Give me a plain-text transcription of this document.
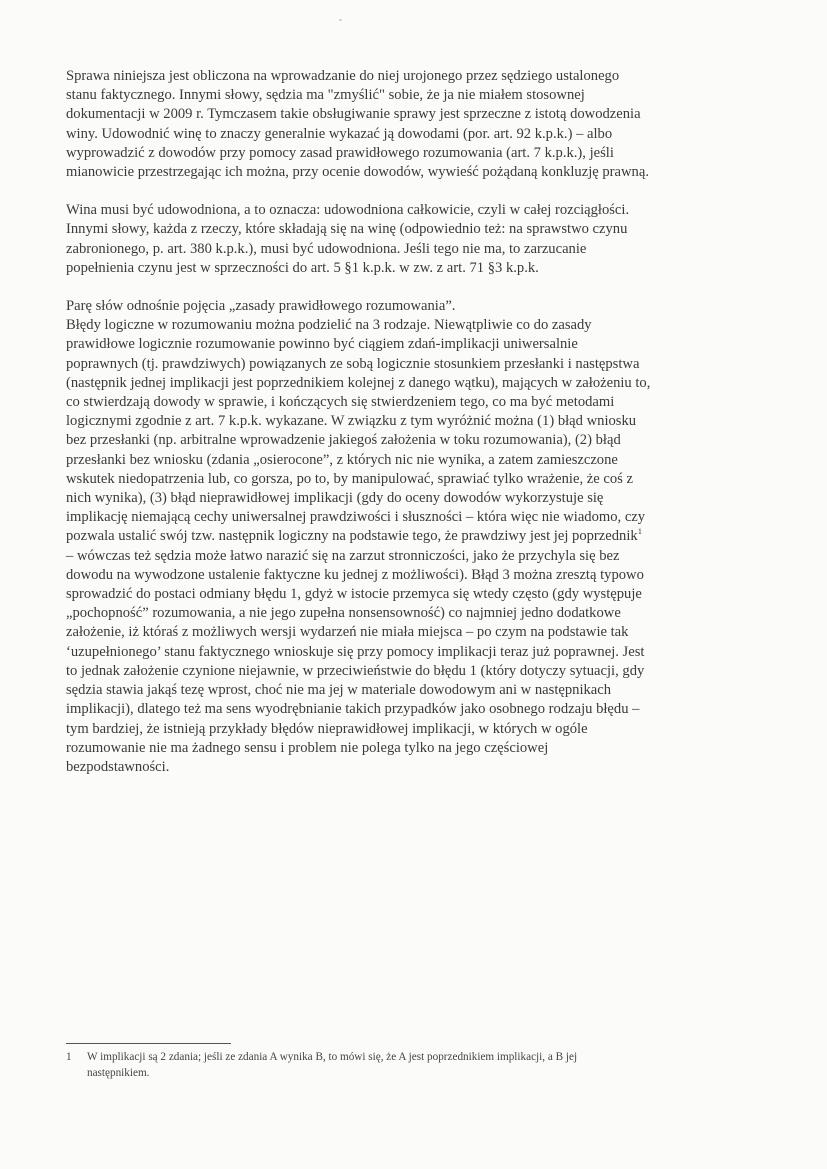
Sprawa niniejsza jest obliczona na wprowadzanie do niej urojonego przez sędziego ustalonego
stanu faktycznego. Innymi słowy, sędzia ma "zmyślić" sobie, że ja nie miałem stosownej
dokumentacji w 2009 r. Tymczasem takie obsługiwanie sprawy jest sprzeczne z istotą dowodzenia
winy. Udowodnić winę to znaczy generalnie wykazać ją dowodami (por. art. 92 k.p.k.) – albo
wyprowadzić z dowodów przy pomocy zasad prawidłowego rozumowania (art. 7 k.p.k.), jeśli
mianowicie przestrzegając ich można, przy ocenie dowodów, wywieść pożądaną konkluzję prawną.

Wina musi być udowodniona, a to oznacza: udowodniona całkowicie, czyli w całej rozciągłości.
Innymi słowy, każda z rzeczy, które składają się na winę (odpowiednio też: na sprawstwo czynu
zabronionego, p. art. 380 k.p.k.), musi być udowodniona. Jeśli tego nie ma, to zarzucanie
popełnienia czynu jest w sprzeczności do art. 5 §1 k.p.k. w zw. z art. 71 §3 k.p.k.

Parę słów odnośnie pojęcia „zasady prawidłowego rozumowania”.
Błędy logiczne w rozumowaniu można podzielić na 3 rodzaje. Niewątpliwie co do zasady
prawidłowe logicznie rozumowanie powinno być ciągiem zdań-implikacji uniwersalnie
poprawnych (tj. prawdziwych) powiązanych ze sobą logicznie stosunkiem przesłanki i następstwa
(następnik jednej implikacji jest poprzednikiem kolejnej z danego wątku), mających w założeniu to,
co stwierdzają dowody w sprawie, i kończących się stwierdzeniem tego, co ma być metodami
logicznymi zgodnie z art. 7 k.p.k. wykazane. W związku z tym wyróżnić można (1) błąd wniosku
bez przesłanki (np. arbitralne wprowadzenie jakiegoś założenia w toku rozumowania), (2) błąd
przesłanki bez wniosku (zdania „osierocone”, z których nic nie wynika, a zatem zamieszczone
wskutek niedopatrzenia lub, co gorsza, po to, by manipulować, sprawiać tylko wrażenie, że coś z
nich wynika), (3) błąd nieprawidłowej implikacji (gdy do oceny dowodów wykorzystuje się
implikację niemającą cechy uniwersalnej prawdziwości i słuszności – która więc nie wiadomo, czy
pozwala ustalić swój tzw. następnik logiczny na podstawie tego, że prawdziwy jest jej poprzednik$^1$
– wówczas też sędzia może łatwo narazić się na zarzut stronniczości, jako że przychyla się bez
dowodu na wywodzone ustalenie faktyczne ku jednej z możliwości). Błąd 3 można zresztą typowo
sprowadzić do postaci odmiany błędu 1, gdyż w istocie przemyca się wtedy często (gdy występuje
„pochopność” rozumowania, a nie jego zupełna nonsensowność) co najmniej jedno dodatkowe
założenie, iż któraś z możliwych wersji wydarzeń nie miała miejsca – po czym na podstawie tak
‘uzupełnionego’ stanu faktycznego wnioskuje się przy pomocy implikacji teraz już poprawnej. Jest
to jednak założenie czynione niejawnie, w przeciwieństwie do błędu 1 (który dotyczy sytuacji, gdy
sędzia stawia jakąś tezę wprost, choć nie ma jej w materiale dowodowym ani w następnikach
implikacji), dlatego też ma sens wyodrębnianie takich przypadków jako osobnego rodzaju błędu –
tym bardziej, że istnieją przykłady błędów nieprawidłowej implikacji, w których w ogóle
rozumowanie nie ma żadnego sensu i problem nie polega tylko na jego częściowej
bezpodstawności.

1 W implikacji są 2 zdania; jeśli ze zdania A wynika B, to mówi się, że A jest poprzednikiem implikacji, a B jej
następnikiem.
